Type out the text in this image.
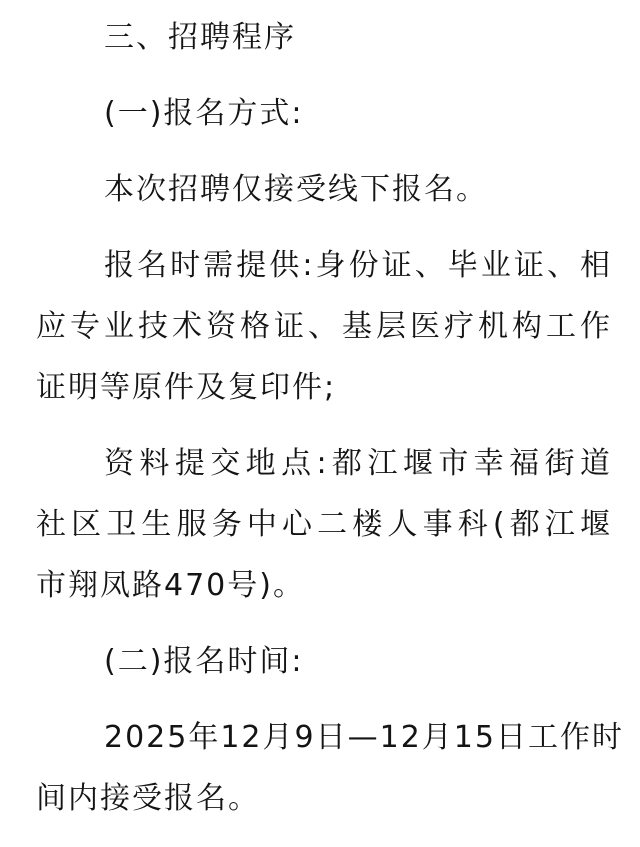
三、招聘程序
(一)报名方式:
本次招聘仅接受线下报名。
报名时需提供:身份证、毕业证、相
应专业技术资格证、基层医疗机构工作
证明等原件及复印件;
资料提交地点:都江堰市幸福街道
社区卫生服务中心二楼人事科(都江堰
市翔凤路470号)。
(二)报名时间:
2025年12月9日—12月15日工作时
间内接受报名。
